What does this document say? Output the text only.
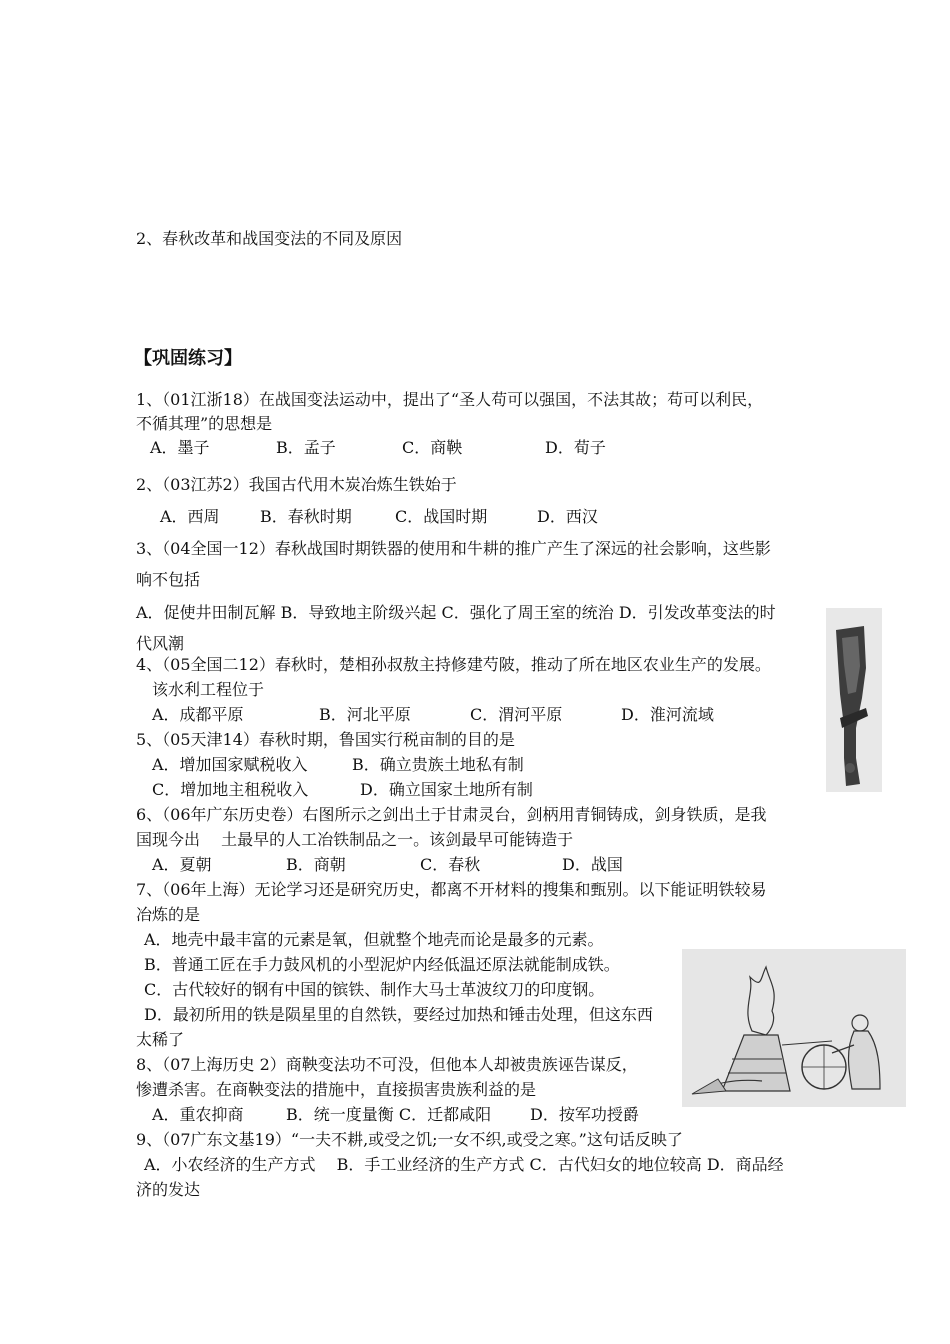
2、春秋改革和战国变法的不同及原因
【巩固练习】
1、（01江浙18）在战国变法运动中，提出了“圣人苟可以强国，不法其故；苟可以利民，
不循其理”的思想是
A．墨子	B．孟子	C．商鞅	D．荀子
2、（03江苏2）我国古代用木炭冶炼生铁始于
A．西周	B．春秋时期	C．战国时期	D．西汉
3、（04全国一12）春秋战国时期铁器的使用和牛耕的推广产生了深远的社会影响，这些影
响不包括
A．促使井田制瓦解 B．导致地主阶级兴起 C．强化了周王室的统治 D．引发改革变法的时
代风潮
4、（05全国二12）春秋时，楚相孙叔敖主持修建芍陂，推动了所在地区农业生产的发展。
该水利工程位于
A．成都平原	B．河北平原	C．渭河平原	D．淮河流域
5、（05天津14）春秋时期，鲁国实行税亩制的目的是
A．增加国家赋税收入	B．确立贵族土地私有制
C．增加地主租税收入	D．确立国家土地所有制
6、（06年广东历史卷）右图所示之剑出土于甘肃灵台，剑柄用青铜铸成，剑身铁质，是我
国现今出　 土最早的人工冶铁制品之一。该剑最早可能铸造于
A．夏朝	B．商朝	C．春秋	D．战国
7、（06年上海）无论学习还是研究历史，都离不开材料的搜集和甄别。以下能证明铁较易
冶炼的是
A．地壳中最丰富的元素是氧，但就整个地壳而论是最多的元素。
B．普通工匠在手力鼓风机的小型泥炉内经低温还原法就能制成铁。
C．古代较好的钢有中国的镔铁、制作大马士革波纹刀的印度钢。
D．最初所用的铁是陨星里的自然铁，要经过加热和锤击处理，但这东西
太稀了
8、（07上海历史 2）商鞅变法功不可没，但他本人却被贵族诬告谋反，
惨遭杀害。在商鞅变法的措施中，直接损害贵族利益的是
A．重农抑商	B．统一度量衡 C．迁都咸阳 D．按军功授爵
9、（07广东文基19）“一夫不耕,或受之饥;一女不织,或受之寒。”这句话反映了
A．小农经济的生产方式　 B．手工业经济的生产方式 C．古代妇女的地位较高 D．商品经
济的发达
